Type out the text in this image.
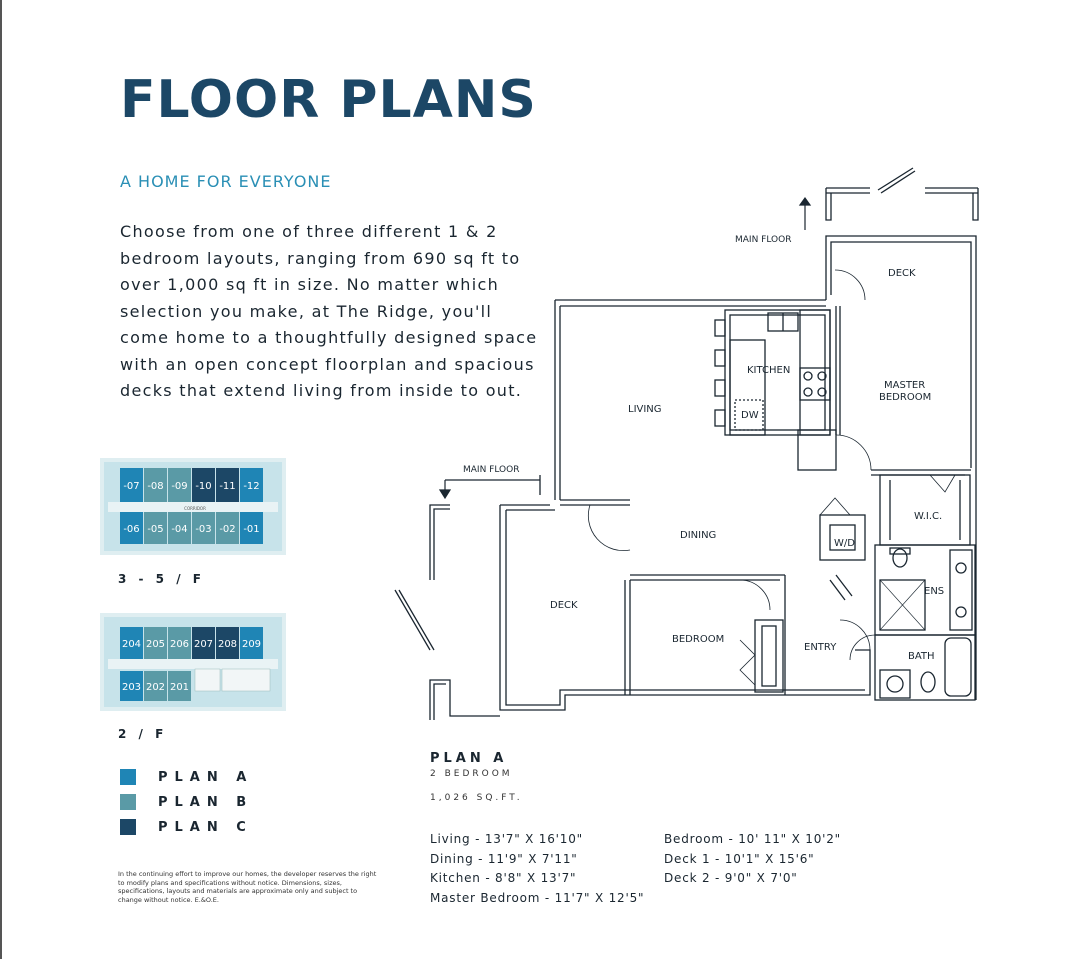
FLOOR PLANS
A HOME FOR EVERYONE

Choose from one of three different 1 & 2 bedroom layouts, ranging from 690 sq ft to over 1,000 sq ft in size. No matter which selection you make, at The Ridge, you'll come home to a thoughtfully designed space with an open concept floorplan and spacious decks that extend living from inside to out.

-07 -08 -09 -10 -11 -12
CORRIDOR
-06 -05 -04 -03 -02 -01
3 - 5 / F
204 205 206 207 208 209
203 202 201
2 / F
PLAN A
PLAN B
PLAN C

In the continuing effort to improve our homes, the developer reserves the right to modify plans and specifications without notice. Dimensions, sizes, specifications, layouts and materials are approximate only and subject to change without notice. E.&O.E.

MAIN FLOOR
DECK
KITCHEN
DW
LIVING
MASTER
BEDROOM
W.I.C.
W/D
DINING
ENS
MAIN FLOOR
DECK
BEDROOM
ENTRY
BATH
PLAN A
2 BEDROOM
1,026 SQ.FT.
Living - 13'7" X 16'10"
Dining - 11'9" X 7'11"
Kitchen - 8'8" X 13'7"
Master Bedroom - 11'7" X 12'5"
Bedroom - 10' 11" X 10'2"
Deck 1 - 10'1" X 15'6"
Deck 2 - 9'0" X 7'0"
